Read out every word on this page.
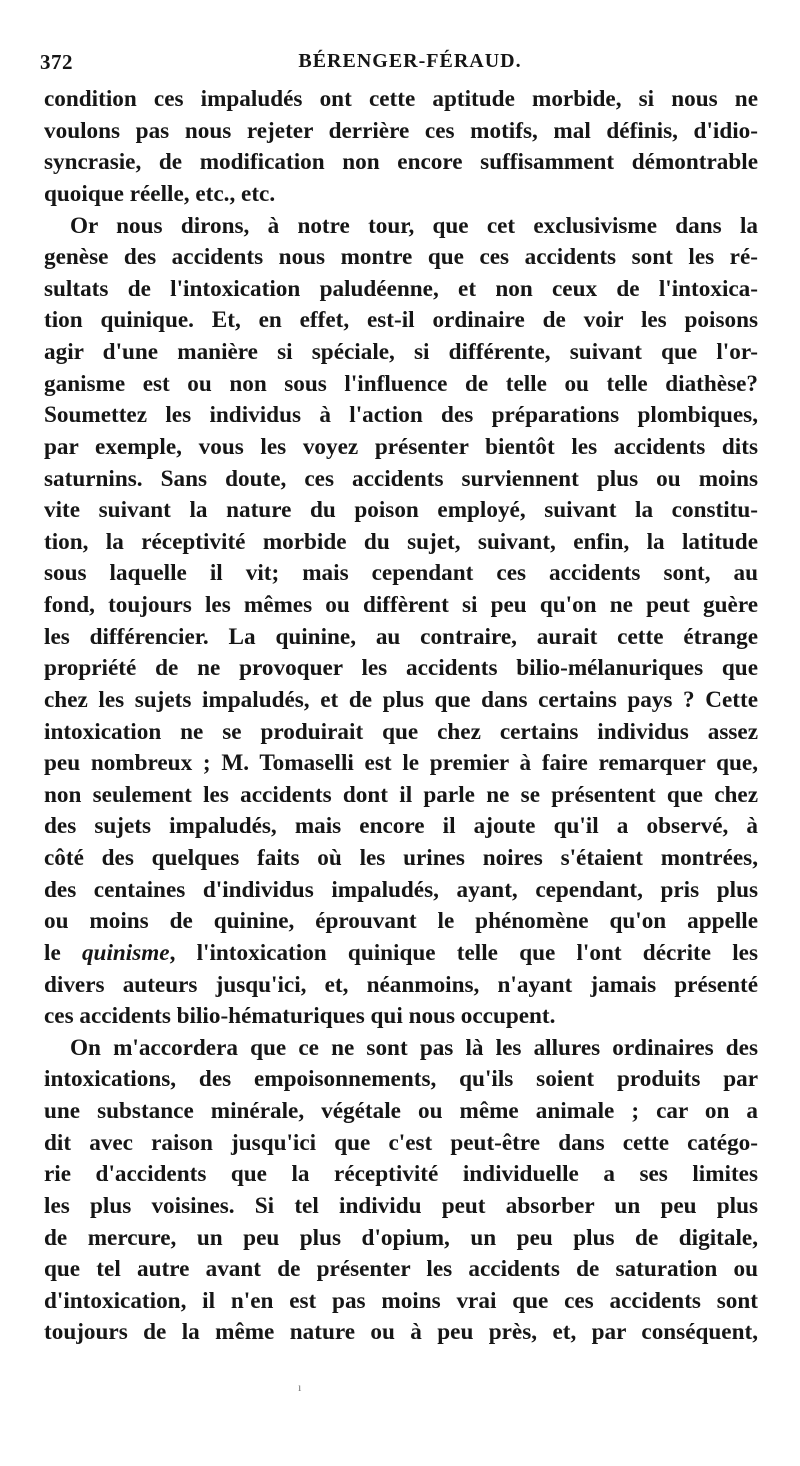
372	BÉRENGER-FÉRAUD.
condition ces impaludés ont cette aptitude morbide, si nous ne
voulons pas nous rejeter derrière ces motifs, mal définis, d'idio-
syncrasie, de modification non encore suffisamment démontrable
quoique réelle, etc., etc.
Or nous dirons, à notre tour, que cet exclusivisme dans la
genèse des accidents nous montre que ces accidents sont les ré-
sultats de l'intoxication paludéenne, et non ceux de l'intoxica-
tion quinique. Et, en effet, est-il ordinaire de voir les poisons
agir d'une manière si spéciale, si différente, suivant que l'or-
ganisme est ou non sous l'influence de telle ou telle diathèse?
Soumettez les individus à l'action des préparations plombiques,
par exemple, vous les voyez présenter bientôt les accidents dits
saturnins. Sans doute, ces accidents surviennent plus ou moins
vite suivant la nature du poison employé, suivant la constitu-
tion, la réceptivité morbide du sujet, suivant, enfin, la latitude
sous laquelle il vit; mais cependant ces accidents sont, au
fond, toujours les mêmes ou diffèrent si peu qu'on ne peut guère
les différencier. La quinine, au contraire, aurait cette étrange
propriété de ne provoquer les accidents bilio-mélanuriques que
chez les sujets impaludés, et de plus que dans certains pays ? Cette
intoxication ne se produirait que chez certains individus assez
peu nombreux ; M. Tomaselli est le premier à faire remarquer que,
non seulement les accidents dont il parle ne se présentent que chez
des sujets impaludés, mais encore il ajoute qu'il a observé, à
côté des quelques faits où les urines noires s'étaient montrées,
des centaines d'individus impaludés, ayant, cependant, pris plus
ou moins de quinine, éprouvant le phénomène qu'on appelle
le quinisme, l'intoxication quinique telle que l'ont décrite les
divers auteurs jusqu'ici, et, néanmoins, n'ayant jamais présenté
ces accidents bilio-hématuriques qui nous occupent.
On m'accordera que ce ne sont pas là les allures ordinaires des
intoxications, des empoisonnements, qu'ils soient produits par
une substance minérale, végétale ou même animale ; car on a
dit avec raison jusqu'ici que c'est peut-être dans cette catégo-
rie d'accidents que la réceptivité individuelle a ses limites
les plus voisines. Si tel individu peut absorber un peu plus
de mercure, un peu plus d'opium, un peu plus de digitale,
que tel autre avant de présenter les accidents de saturation ou
d'intoxication, il n'en est pas moins vrai que ces accidents sont
toujours de la même nature ou à peu près, et, par conséquent,
ı
